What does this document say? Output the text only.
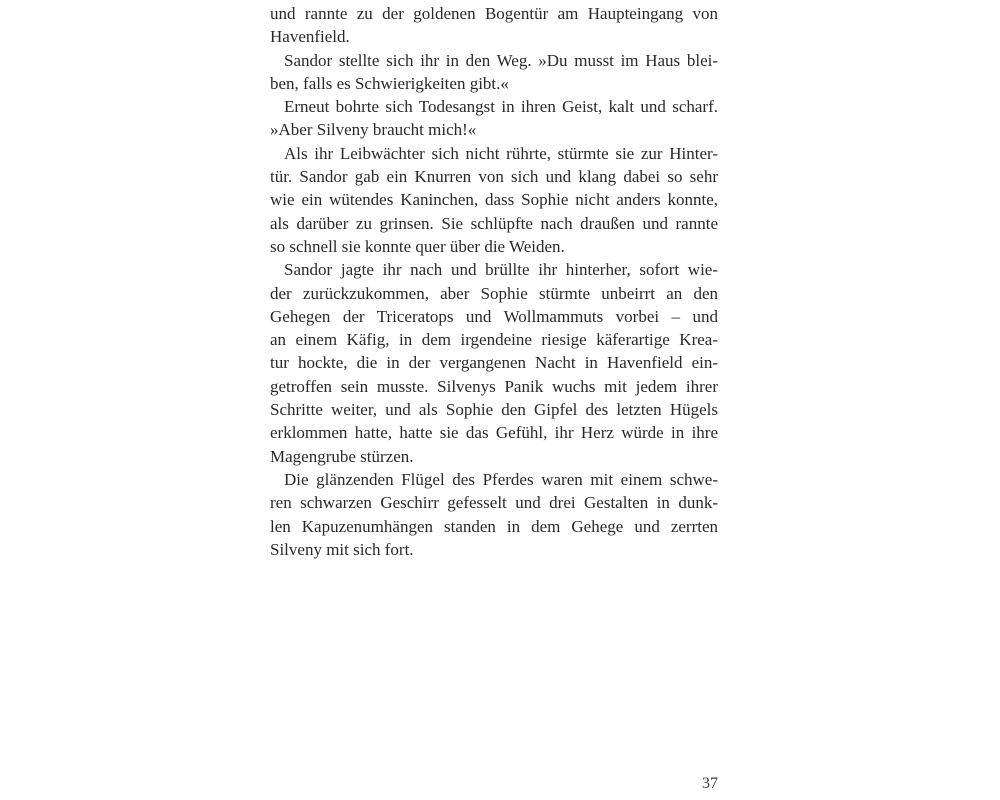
und rannte zu der goldenen Bogentür am Haupteingang von
Havenfield.
Sandor stellte sich ihr in den Weg. »Du musst im Haus blei-
ben, falls es Schwierigkeiten gibt.«
Erneut bohrte sich Todesangst in ihren Geist, kalt und scharf.
»Aber Silveny braucht mich!«
Als ihr Leibwächter sich nicht rührte, stürmte sie zur Hinter-
tür. Sandor gab ein Knurren von sich und klang dabei so sehr
wie ein wütendes Kaninchen, dass Sophie nicht anders konnte,
als darüber zu grinsen. Sie schlüpfte nach draußen und rannte
so schnell sie konnte quer über die Weiden.
Sandor jagte ihr nach und brüllte ihr hinterher, sofort wie-
der zurückzukommen, aber Sophie stürmte unbeirrt an den
Gehegen der Triceratops und Wollmammuts vorbei – und
an einem Käfig, in dem irgendeine riesige käferartige Krea-
tur hockte, die in der vergangenen Nacht in Havenfield ein-
getroffen sein musste. Silvenys Panik wuchs mit jedem ihrer
Schritte weiter, und als Sophie den Gipfel des letzten Hügels
erklommen hatte, hatte sie das Gefühl, ihr Herz würde in ihre
Magengrube stürzen.
Die glänzenden Flügel des Pferdes waren mit einem schwe-
ren schwarzen Geschirr gefesselt und drei Gestalten in dunk-
len Kapuzenumhängen standen in dem Gehege und zerrten
Silveny mit sich fort.
37
